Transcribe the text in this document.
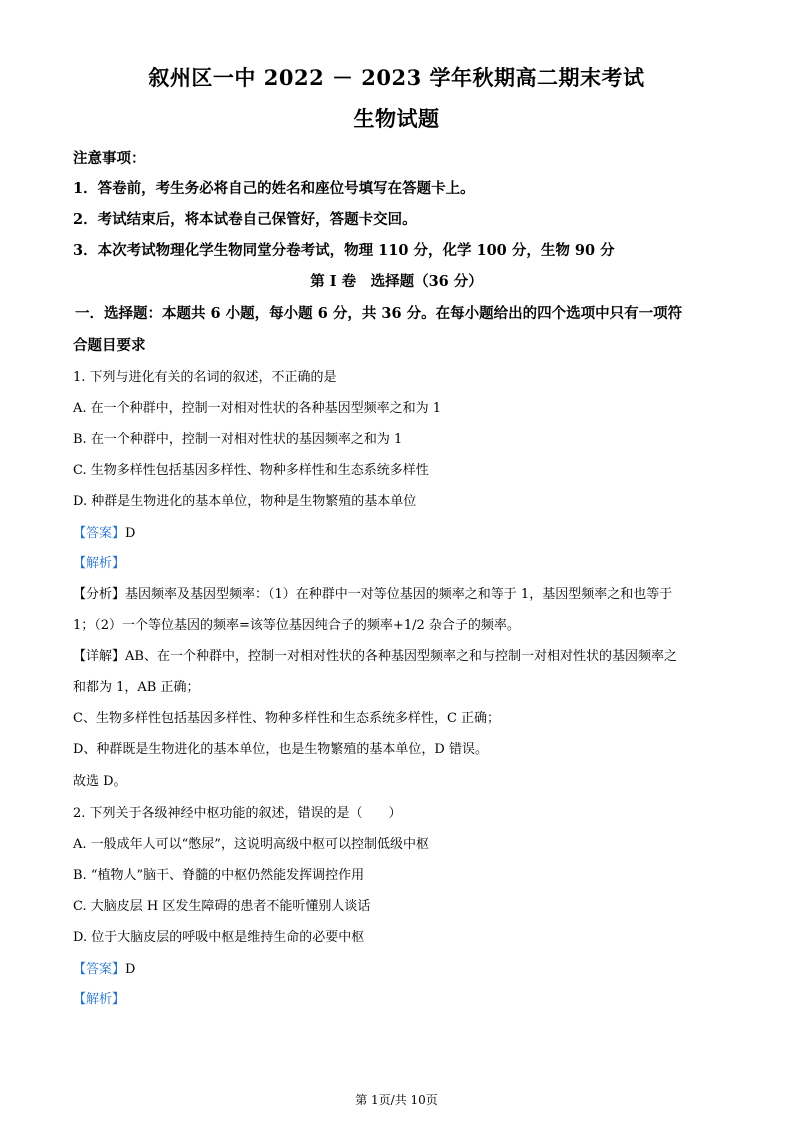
叙州区一中 2022 － 2023 学年秋期高二期末考试
生物试题
注意事项：
1．答卷前，考生务必将自己的姓名和座位号填写在答题卡上。
2．考试结束后，将本试卷自己保管好，答题卡交回。
3．本次考试物理化学生物同堂分卷考试，物理 110 分，化学 100 分，生物 90 分
第 Ⅰ 卷　选择题（36 分）
一．选择题：本题共 6 小题，每小题 6 分，共 36 分。在每小题给出的四个选项中只有一项符
合题目要求
1. 下列与进化有关的名词的叙述，不正确的是
A. 在一个种群中，控制一对相对性状的各种基因型频率之和为 1
B. 在一个种群中，控制一对相对性状的基因频率之和为 1
C. 生物多样性包括基因多样性、物种多样性和生态系统多样性
D. 种群是生物进化的基本单位，物种是生物繁殖的基本单位
【答案】D
【解析】
【分析】基因频率及基因型频率：（1）在种群中一对等位基因的频率之和等于 1，基因型频率之和也等于
1；（2）一个等位基因的频率=该等位基因纯合子的频率+1/2 杂合子的频率。
【详解】AB、在一个种群中，控制一对相对性状的各种基因型频率之和与控制一对相对性状的基因频率之
和都为 1，AB 正确；
C、生物多样性包括基因多样性、物种多样性和生态系统多样性，C 正确；
D、种群既是生物进化的基本单位，也是生物繁殖的基本单位，D 错误。
故选 D。
2. 下列关于各级神经中枢功能的叙述，错误的是（　　）
A. 一般成年人可以“憋尿”，这说明高级中枢可以控制低级中枢
B. “植物人”脑干、脊髓的中枢仍然能发挥调控作用
C. 大脑皮层 H 区发生障碍的患者不能听懂别人谈话
D. 位于大脑皮层的呼吸中枢是维持生命的必要中枢
【答案】D
【解析】
第 1页/共 10页
